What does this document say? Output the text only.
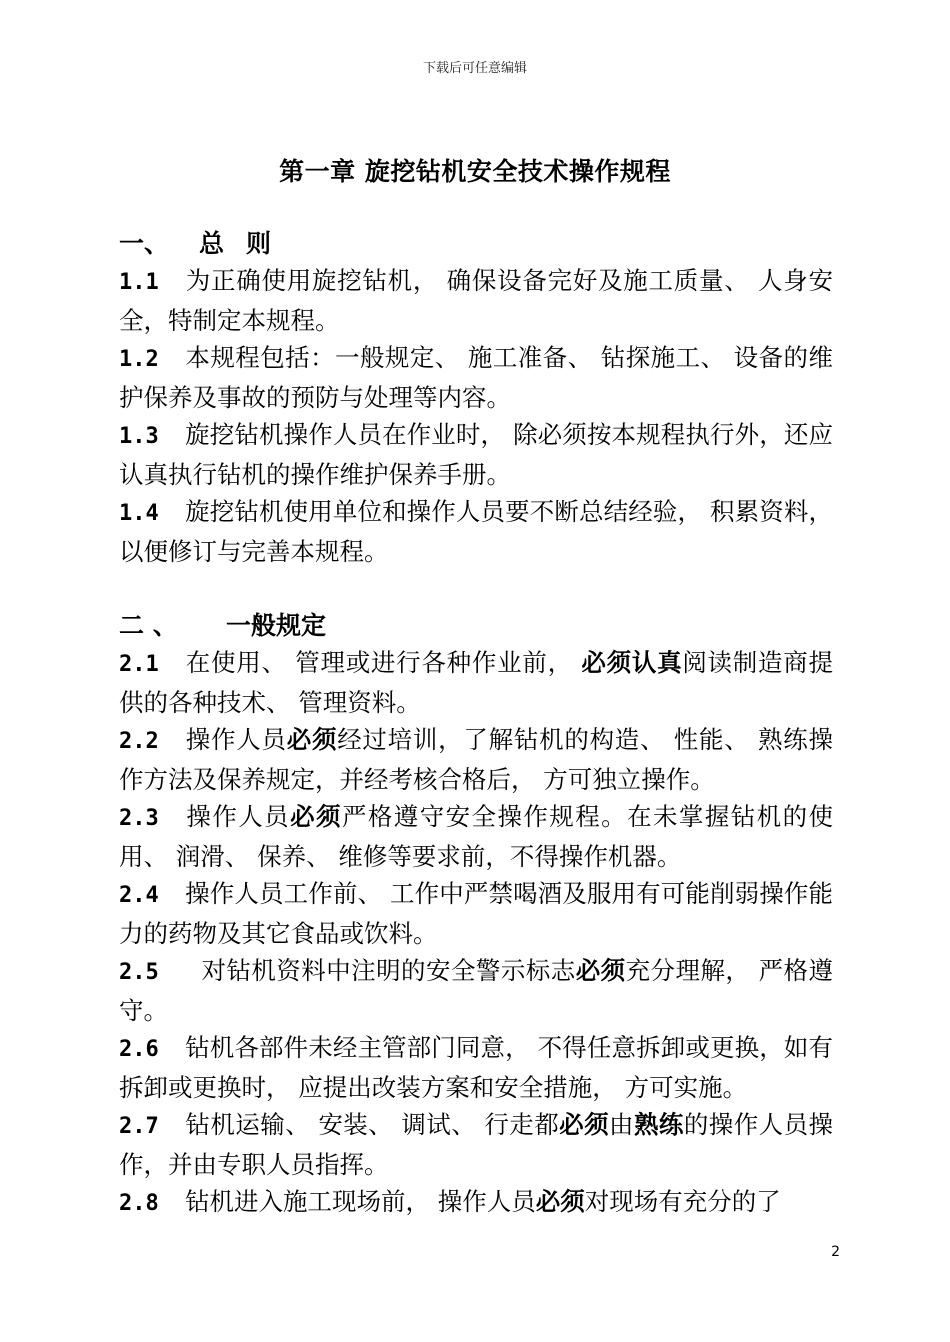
下载后可任意编辑
第一章 旋挖钻机安全技术操作规程
一、 总则
1.1 为正确使用旋挖钻机， 确保设备完好及施工质量、 人身安全，特制定本规程。
1.2 本规程包括：一般规定、 施工准备、 钻探施工、 设备的维护保养及事故的预防与处理等内容。
1.3 旋挖钻机操作人员在作业时， 除必须按本规程执行外，还应认真执行钻机的操作维护保养手册。
1.4 旋挖钻机使用单位和操作人员要不断总结经验， 积累资料，以便修订与完善本规程。
二 、 一般规定
2.1 在使用、 管理或进行各种作业前， 必须认真阅读制造商提供的各种技术、 管理资料。
2.2 操作人员必须经过培训，了解钻机的构造、 性能、 熟练操作方法及保养规定，并经考核合格后， 方可独立操作。
2.3 操作人员必须严格遵守安全操作规程。在未掌握钻机的使用、 润滑、 保养、 维修等要求前，不得操作机器。
2.4 操作人员工作前、 工作中严禁喝酒及服用有可能削弱操作能力的药物及其它食品或饮料。
2.5 对钻机资料中注明的安全警示标志必须充分理解， 严格遵守。
2.6 钻机各部件未经主管部门同意， 不得任意拆卸或更换，如有拆卸或更换时， 应提出改装方案和安全措施， 方可实施。
2.7 钻机运输、 安装、 调试、 行走都必须由熟练的操作人员操作，并由专职人员指挥。
2.8 钻机进入施工现场前， 操作人员必须对现场有充分的了
2
